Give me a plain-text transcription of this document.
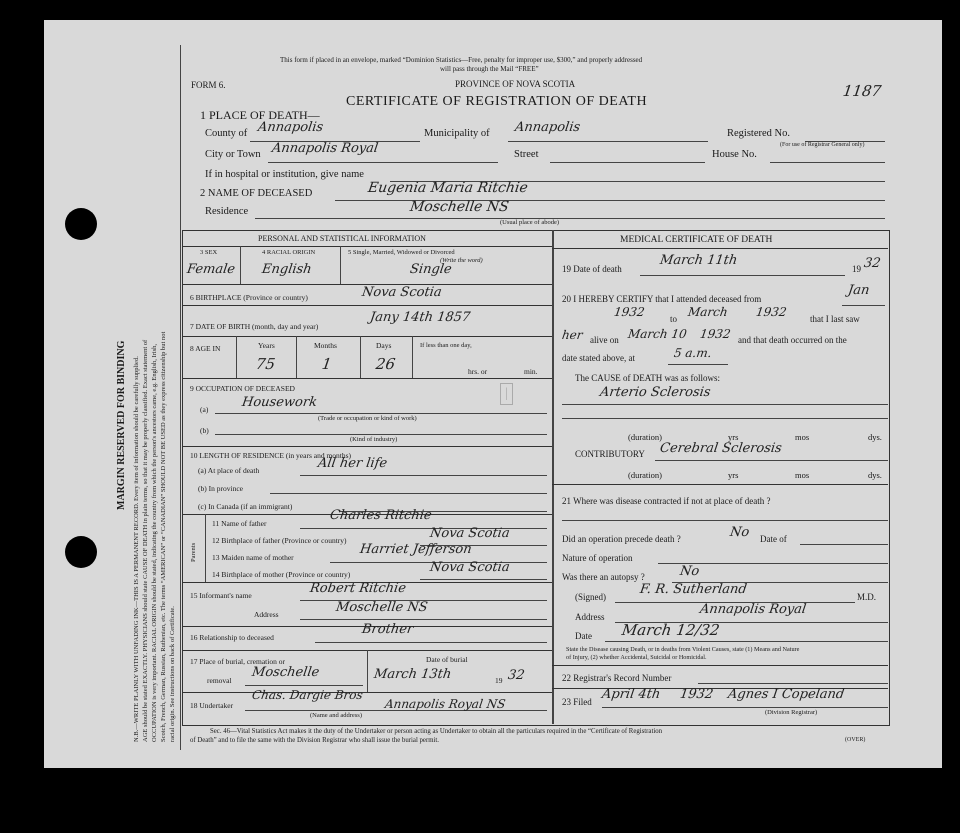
MARGIN RESERVED FOR BINDING N.B.—WRITE PLAINLY WITH UNFADING INK—THIS IS A PERMANENT RECORD. Every item of information should be carefully supplied. AGE should be stated EXACTLY. PHYSICIANS should state CAUSE OF DEATH in plain terms, so that it may be properly classified. Exact statement of OCCUPATION is very important. RACIAL ORIGIN should be stated, indicating the country from which the person's ancestors came, e.g. English, Irish, Scotch, French, German, Russian, Ruthenian, etc. The terms “AMERICAN” or “CANADIAN” SHOULD NOT BE USED as they express citizenship but not racial origin. See instructions on back of Certificate.
This form if placed in an envelope, marked “Dominion Statistics—Free, penalty for improper use, $300,” and properly addressed
will pass through the Mail “FREE”
PROVINCE OF NOVA SCOTIA
FORM 6.
CERTIFICATE OF REGISTRATION OF DEATH
1187
1 PLACE OF DEATH—
County of Annapolis	Municipality of Annapolis	Registered No.
(For use of Registrar General only)
City or Town Annapolis Royal	Street	House No.
If in hospital or institution, give name
2 NAME OF DECEASED	Eugenia Maria Ritchie
Residence	Moschelle NS
(Usual place of abode)
PERSONAL AND STATISTICAL INFORMATION
3 SEX	4 RACIAL ORIGIN	5 Single, Married, Widowed or Divorced
(Write the word)
Female English	Single
6 BIRTHPLACE (Province or country)	Nova Scotia
7 DATE OF BIRTH (month, day and year)
Jany 14th 1857
8 AGE IN	Years	Months	Days
75	1	26
If less than one day,
hrs. or	min.
9 OCCUPATION OF DECEASED
(a)	Housework
(Trade or occupation or kind of work)
(b)
(Kind of industry)
|
10 LENGTH OF RESIDENCE (in years and months)
(a) At place of death	All her life
(b) In province
(c) In Canada (if an immigrant)
Parents
11 Name of father
Charles Ritchie
12 Birthplace of father (Province or country)	Nova Scotia
13 Maiden name of mother
Harriet Jefferson
14 Birthplace of mother (Province or country)	Nova Scotia
15 Informant's name	Robert Ritchie
Address	Moschelle NS
16 Relationship to deceased
Brother
17 Place of burial, cremation or
removal
Moschelle
Date of burial
March 13th	19 32
18 Undertaker
Chas. Dargie Bros
Annapolis Royal NS
(Name and address)
MEDICAL CERTIFICATE OF DEATH
19 Date of death
March 11th
19 32
20 I HEREBY CERTIFY that I attended deceased from
Jan
1932	to March 1932 that I last saw
her alive on March 10 1932 and that death occurred on the
date stated above, at	5 a.m.
The CAUSE of DEATH was as follows:
Arterio Sclerosis
(duration)	yrs	mos	dys.
CONTRIBUTORY Cerebral Sclerosis
(duration)	yrs	mos	dys.
21 Where was disease contracted if not at place of death ?
Did an operation precede death ?	No Date of
Nature of operation
Was there an autopsy ?	No
(Signed)	F. R. Sutherland	M.D.
Address	Annapolis Royal
Date March 12/32
State the Disease causing Death, or in deaths from Violent Causes, state (1) Means and Nature
of Injury, (2) whether Accidental, Suicidal or Homicidal.
22 Registrar's Record Number
23 Filed April 4th 1932 Agnes I Copeland
(Division Registrar)
Sec. 46—Vital Statistics Act makes it the duty of the Undertaker or person acting as Undertaker to obtain all the particulars required in the “Certificate of Registration
of Death” and to file the same with the Division Registrar who shall issue the burial permit.	(OVER)
